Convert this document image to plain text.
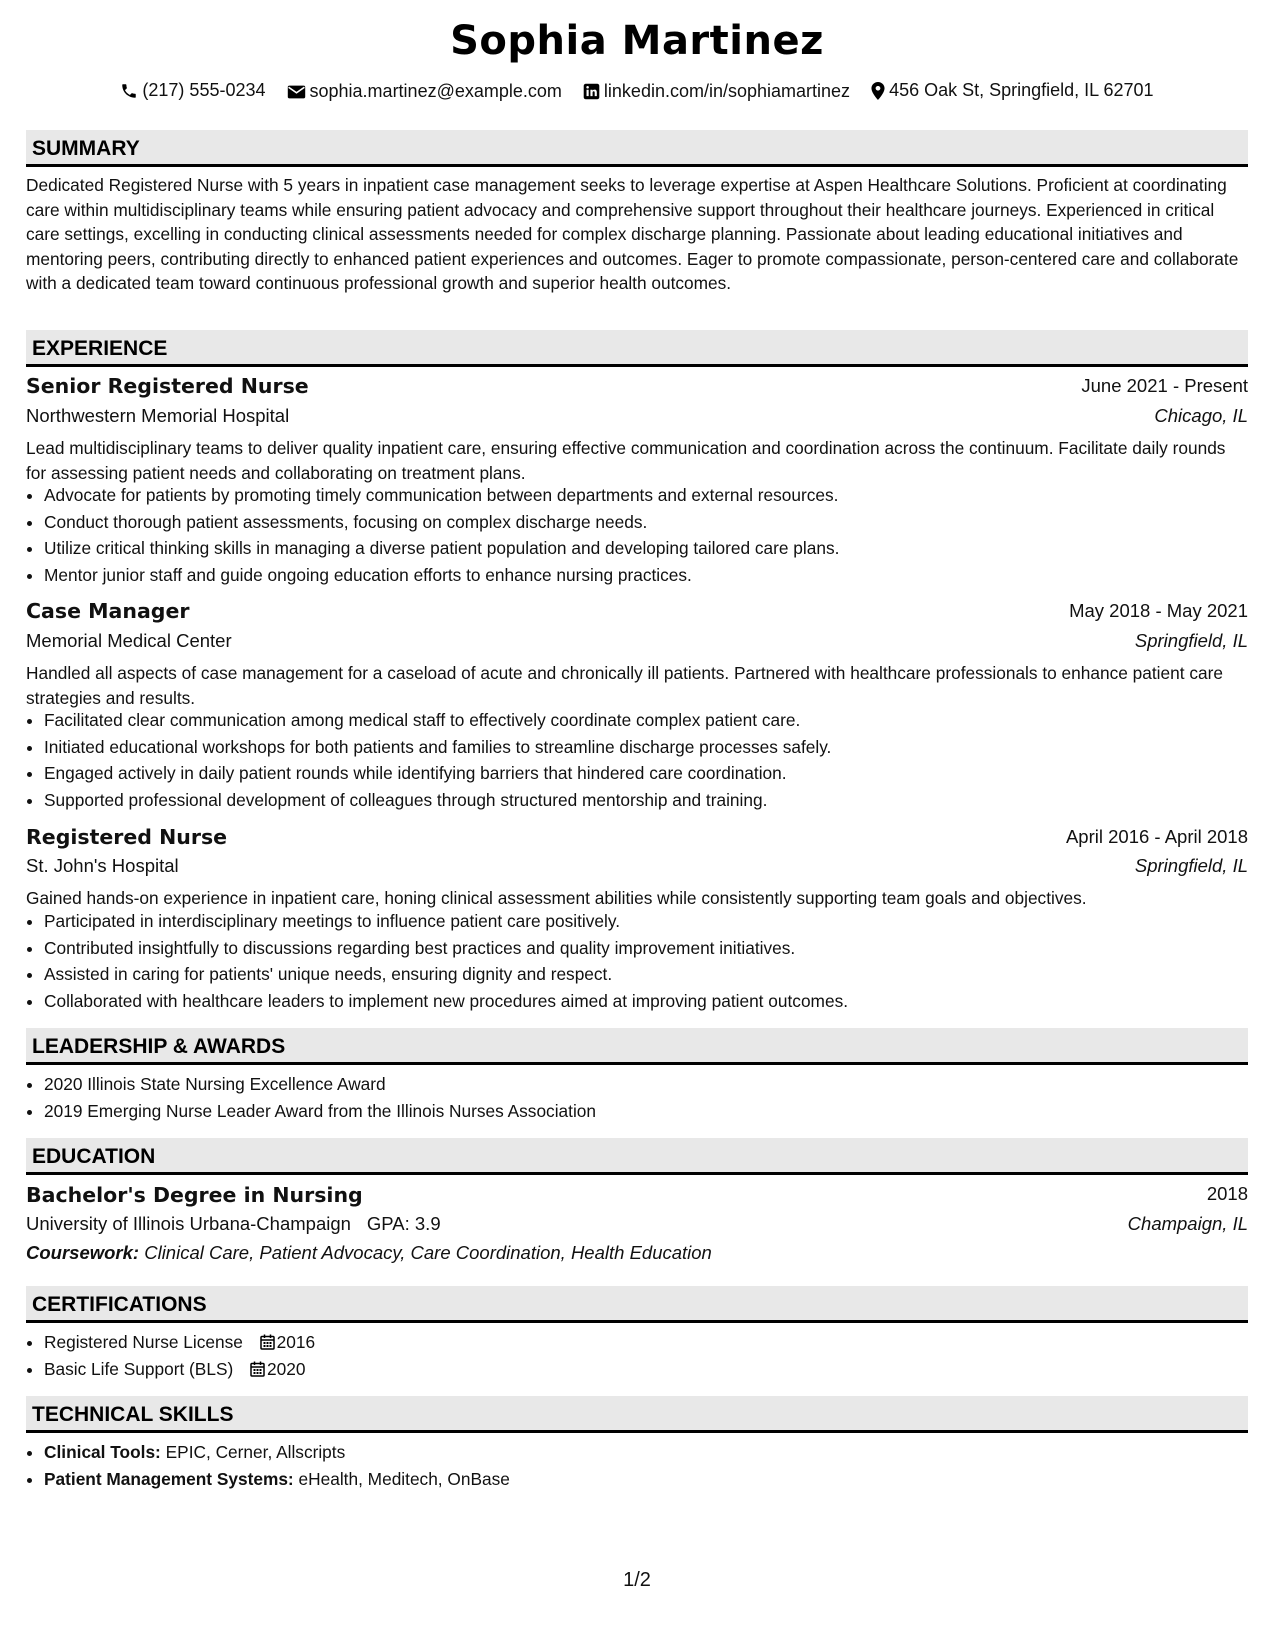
Sophia Martinez
(217) 555-0234
sophia.martinez@example.com
linkedin.com/in/sophiamartinez
456 Oak St, Springfield, IL 62701
SUMMARY
Dedicated Registered Nurse with 5 years in inpatient case management seeks to leverage expertise at Aspen Healthcare Solutions. Proficient at coordinating care within multidisciplinary teams while ensuring patient advocacy and comprehensive support throughout their healthcare journeys. Experienced in critical care settings, excelling in conducting clinical assessments needed for complex discharge planning. Passionate about leading educational initiatives and mentoring peers, contributing directly to enhanced patient experiences and outcomes. Eager to promote compassionate, person-centered care and collaborate with a dedicated team toward continuous professional growth and superior health outcomes.
EXPERIENCE
Senior Registered Nurse	June 2021 - Present
Northwestern Memorial Hospital	Chicago, IL
Lead multidisciplinary teams to deliver quality inpatient care, ensuring effective communication and coordination across the continuum. Facilitate daily rounds for assessing patient needs and collaborating on treatment plans.
• Advocate for patients by promoting timely communication between departments and external resources.
• Conduct thorough patient assessments, focusing on complex discharge needs.
• Utilize critical thinking skills in managing a diverse patient population and developing tailored care plans.
• Mentor junior staff and guide ongoing education efforts to enhance nursing practices.
Case Manager	May 2018 - May 2021
Memorial Medical Center	Springfield, IL
Handled all aspects of case management for a caseload of acute and chronically ill patients. Partnered with healthcare professionals to enhance patient care strategies and results.
• Facilitated clear communication among medical staff to effectively coordinate complex patient care.
• Initiated educational workshops for both patients and families to streamline discharge processes safely.
• Engaged actively in daily patient rounds while identifying barriers that hindered care coordination.
• Supported professional development of colleagues through structured mentorship and training.
Registered Nurse	April 2016 - April 2018
St. John's Hospital	Springfield, IL
Gained hands-on experience in inpatient care, honing clinical assessment abilities while consistently supporting team goals and objectives.
• Participated in interdisciplinary meetings to influence patient care positively.
• Contributed insightfully to discussions regarding best practices and quality improvement initiatives.
• Assisted in caring for patients' unique needs, ensuring dignity and respect.
• Collaborated with healthcare leaders to implement new procedures aimed at improving patient outcomes.
LEADERSHIP & AWARDS
• 2020 Illinois State Nursing Excellence Award
• 2019 Emerging Nurse Leader Award from the Illinois Nurses Association
EDUCATION
Bachelor's Degree in Nursing	2018
University of Illinois Urbana-Champaign GPA: 3.9	Champaign, IL
Coursework: Clinical Care, Patient Advocacy, Care Coordination, Health Education
CERTIFICATIONS
• Registered Nurse License 2016
• Basic Life Support (BLS) 2020
TECHNICAL SKILLS
• Clinical Tools: EPIC, Cerner, Allscripts
• Patient Management Systems: eHealth, Meditech, OnBase
1/2
